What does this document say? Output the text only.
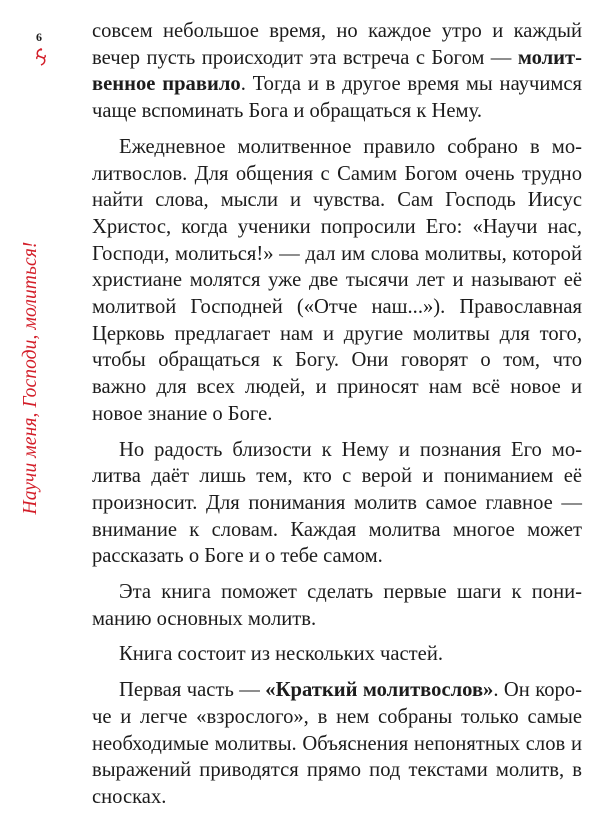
Научи меня, Господи, молиться!
6 совсем небольшое время, но каждое утро и каждый вечер пусть происходит эта встреча с Богом — молитвенное правило. Тогда и в другое время мы научимся чаще вспоминать Бога и обращаться к Нему.

Ежедневное молитвенное правило собрано в молитвослов. Для общения с Самим Богом очень трудно найти слова, мысли и чувства. Сам Господь Иисус Христос, когда ученики попросили Его: «Научи нас, Господи, молиться!» — дал им слова молитвы, которой христиане молятся уже две тысячи лет и называют её молитвой Господней («Отче наш...»). Православная Церковь предлагает нам и другие молитвы для того, чтобы обращаться к Богу. Они говорят о том, что важно для всех людей, и приносят нам всё новое и новое знание о Боге.

Но радость близости к Нему и познания Его молитва даёт лишь тем, кто с верой и пониманием её произносит. Для понимания молитв самое главное — внимание к словам. Каждая молитва многое может рассказать о Боге и о тебе самом.

Эта книга поможет сделать первые шаги к пониманию основных молитв.

Книга состоит из нескольких частей.

Первая часть — «Краткий молитвослов». Он короче и легче «взрослого», в нем собраны только самые необходимые молитвы. Объяснения непонятных слов и выражений приводятся прямо под текстами молитв, в сносках.
